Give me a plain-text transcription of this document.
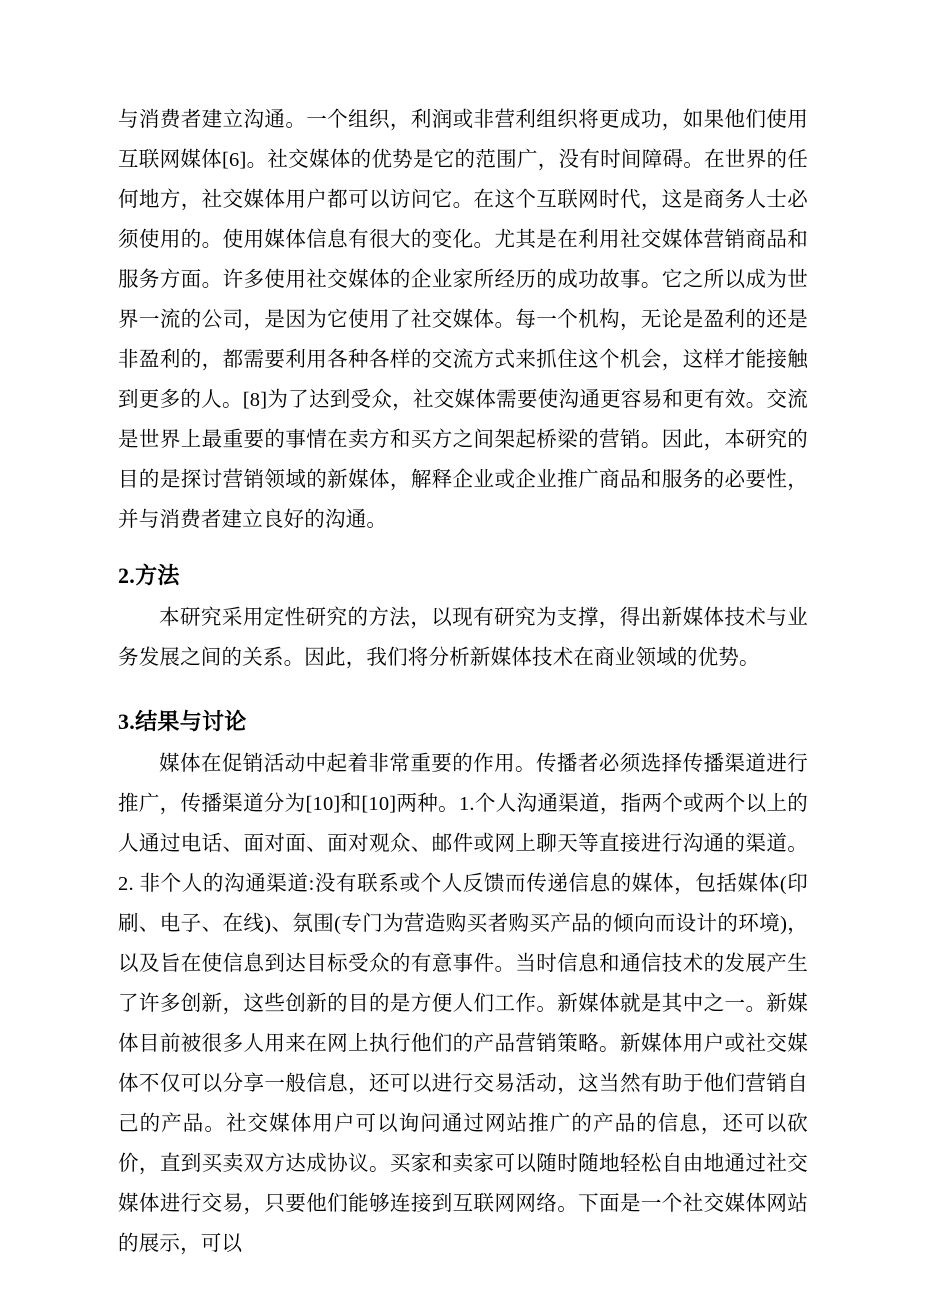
与消费者建立沟通。一个组织，利润或非营利组织将更成功，如果他们使用互联网媒体[6]。社交媒体的优势是它的范围广，没有时间障碍。在世界的任何地方，社交媒体用户都可以访问它。在这个互联网时代，这是商务人士必须使用的。使用媒体信息有很大的变化。尤其是在利用社交媒体营销商品和服务方面。许多使用社交媒体的企业家所经历的成功故事。它之所以成为世界一流的公司，是因为它使用了社交媒体。每一个机构，无论是盈利的还是非盈利的，都需要利用各种各样的交流方式来抓住这个机会，这样才能接触到更多的人。[8]为了达到受众，社交媒体需要使沟通更容易和更有效。交流是世界上最重要的事情在卖方和买方之间架起桥梁的营销。因此，本研究的目的是探讨营销领域的新媒体，解释企业或企业推广商品和服务的必要性，并与消费者建立良好的沟通。

2.方法

本研究采用定性研究的方法，以现有研究为支撑，得出新媒体技术与业务发展之间的关系。因此，我们将分析新媒体技术在商业领域的优势。

3.结果与讨论

媒体在促销活动中起着非常重要的作用。传播者必须选择传播渠道进行推广，传播渠道分为[10]和[10]两种。1.个人沟通渠道，指两个或两个以上的人通过电话、面对面、面对观众、邮件或网上聊天等直接进行沟通的渠道。2. 非个人的沟通渠道:没有联系或个人反馈而传递信息的媒体，包括媒体(印刷、电子、在线)、氛围(专门为营造购买者购买产品的倾向而设计的环境)，以及旨在使信息到达目标受众的有意事件。当时信息和通信技术的发展产生了许多创新，这些创新的目的是方便人们工作。新媒体就是其中之一。新媒体目前被很多人用来在网上执行他们的产品营销策略。新媒体用户或社交媒体不仅可以分享一般信息，还可以进行交易活动，这当然有助于他们营销自己的产品。社交媒体用户可以询问通过网站推广的产品的信息，还可以砍价，直到买卖双方达成协议。买家和卖家可以随时随地轻松自由地通过社交媒体进行交易，只要他们能够连接到互联网网络。下面是一个社交媒体网站的展示，可以
